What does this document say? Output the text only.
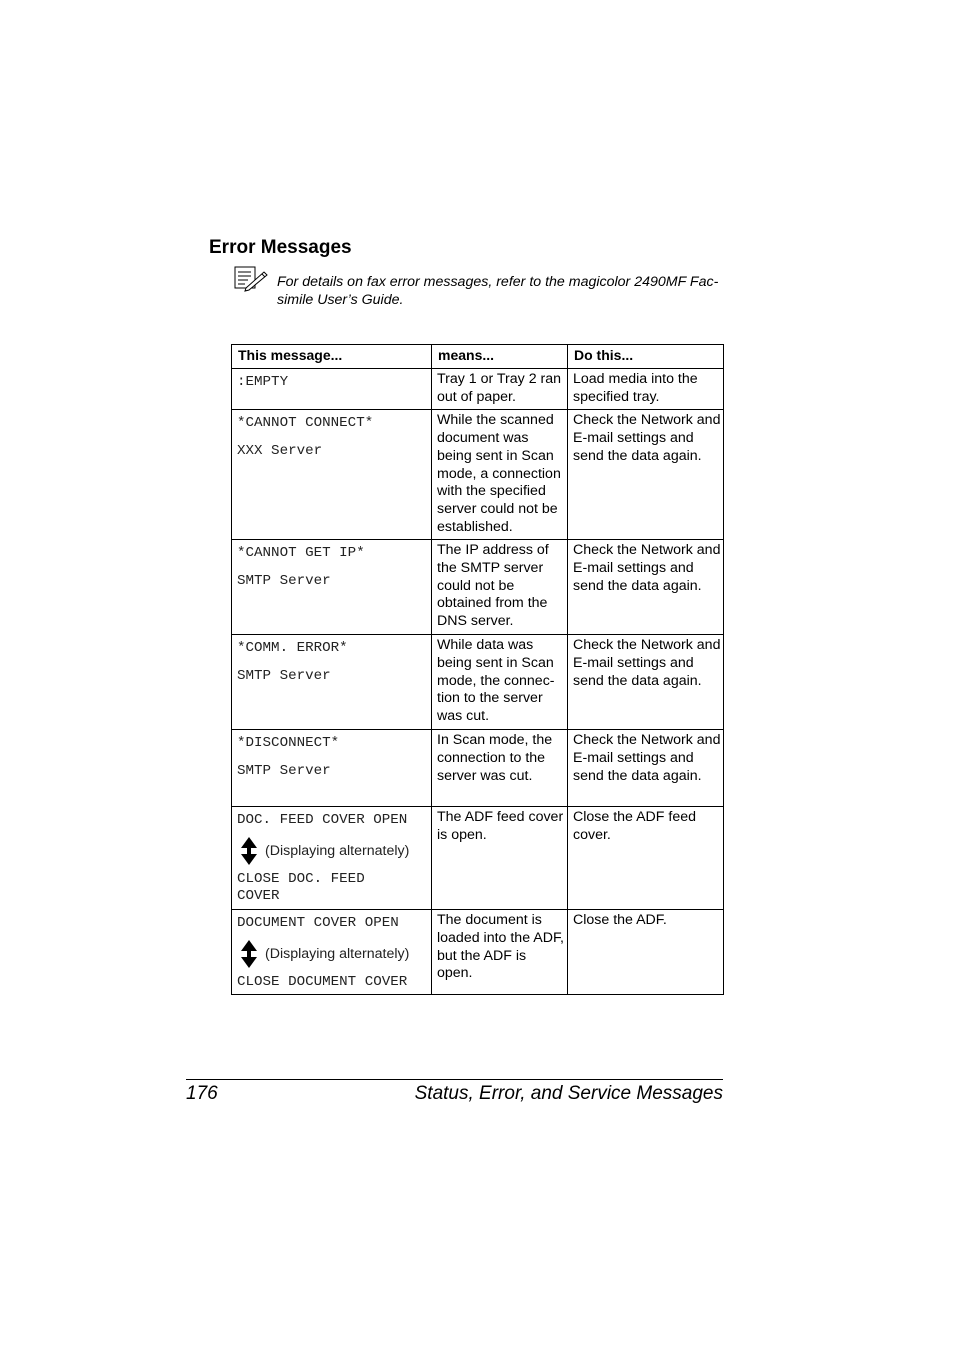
Error Messages
For details on fax error messages, refer to the magicolor 2490MF Fac-simile User’s Guide.
This message...	means...	Do this...

:EMPTY	Tray 1 or Tray 2 ran out of paper.	Load media into the specified tray.

*CANNOT CONNECT*
XXX Server	While the scanned document was being sent in Scan mode, a connection with the specified server could not be established.	Check the Network and E-mail settings and send the data again.

*CANNOT GET IP*
SMTP Server	The IP address of the SMTP server could not be obtained from the DNS server.	Check the Network and E-mail settings and send the data again.

*COMM. ERROR*
SMTP Server	While data was being sent in Scan mode, the connec-tion to the server was cut.	Check the Network and E-mail settings and send the data again.

*DISCONNECT*
SMTP Server	In Scan mode, the connection to the server was cut.	Check the Network and E-mail settings and send the data again.

DOC. FEED COVER OPEN
(Displaying alternately)
CLOSE DOC. FEED COVER	The ADF feed cover is open.	Close the ADF feed cover.

DOCUMENT COVER OPEN
(Displaying alternately)
CLOSE DOCUMENT COVER	The document is loaded into the ADF, but the ADF is open.	Close the ADF.
176	Status, Error, and Service Messages
